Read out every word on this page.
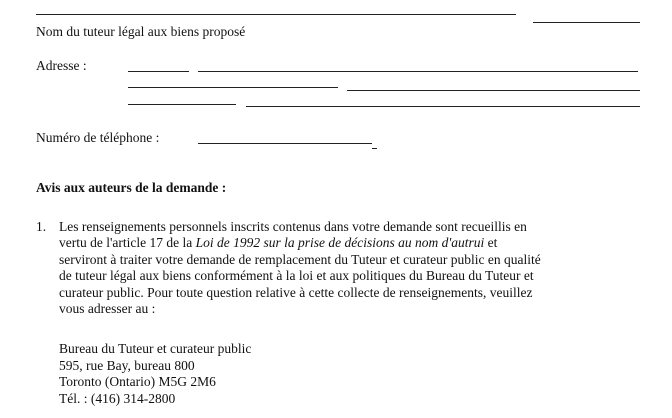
Nom du tuteur légal aux biens proposé
Adresse :
Numéro de téléphone :
Avis aux auteurs de la demande :
1. Les renseignements personnels inscrits contenus dans votre demande sont recueillis en

vertu de l'article 17 de la Loi de 1992 sur la prise de décisions au nom d'autrui et

serviront à traiter votre demande de remplacement du Tuteur et curateur public en qualité

de tuteur légal aux biens conformément à la loi et aux politiques du Bureau du Tuteur et

curateur public. Pour toute question relative à cette collecte de renseignements, veuillez

vous adresser au :

Bureau du Tuteur et curateur public
595, rue Bay, bureau 800
Toronto (Ontario) M5G 2M6
Tél. : (416) 314-2800
